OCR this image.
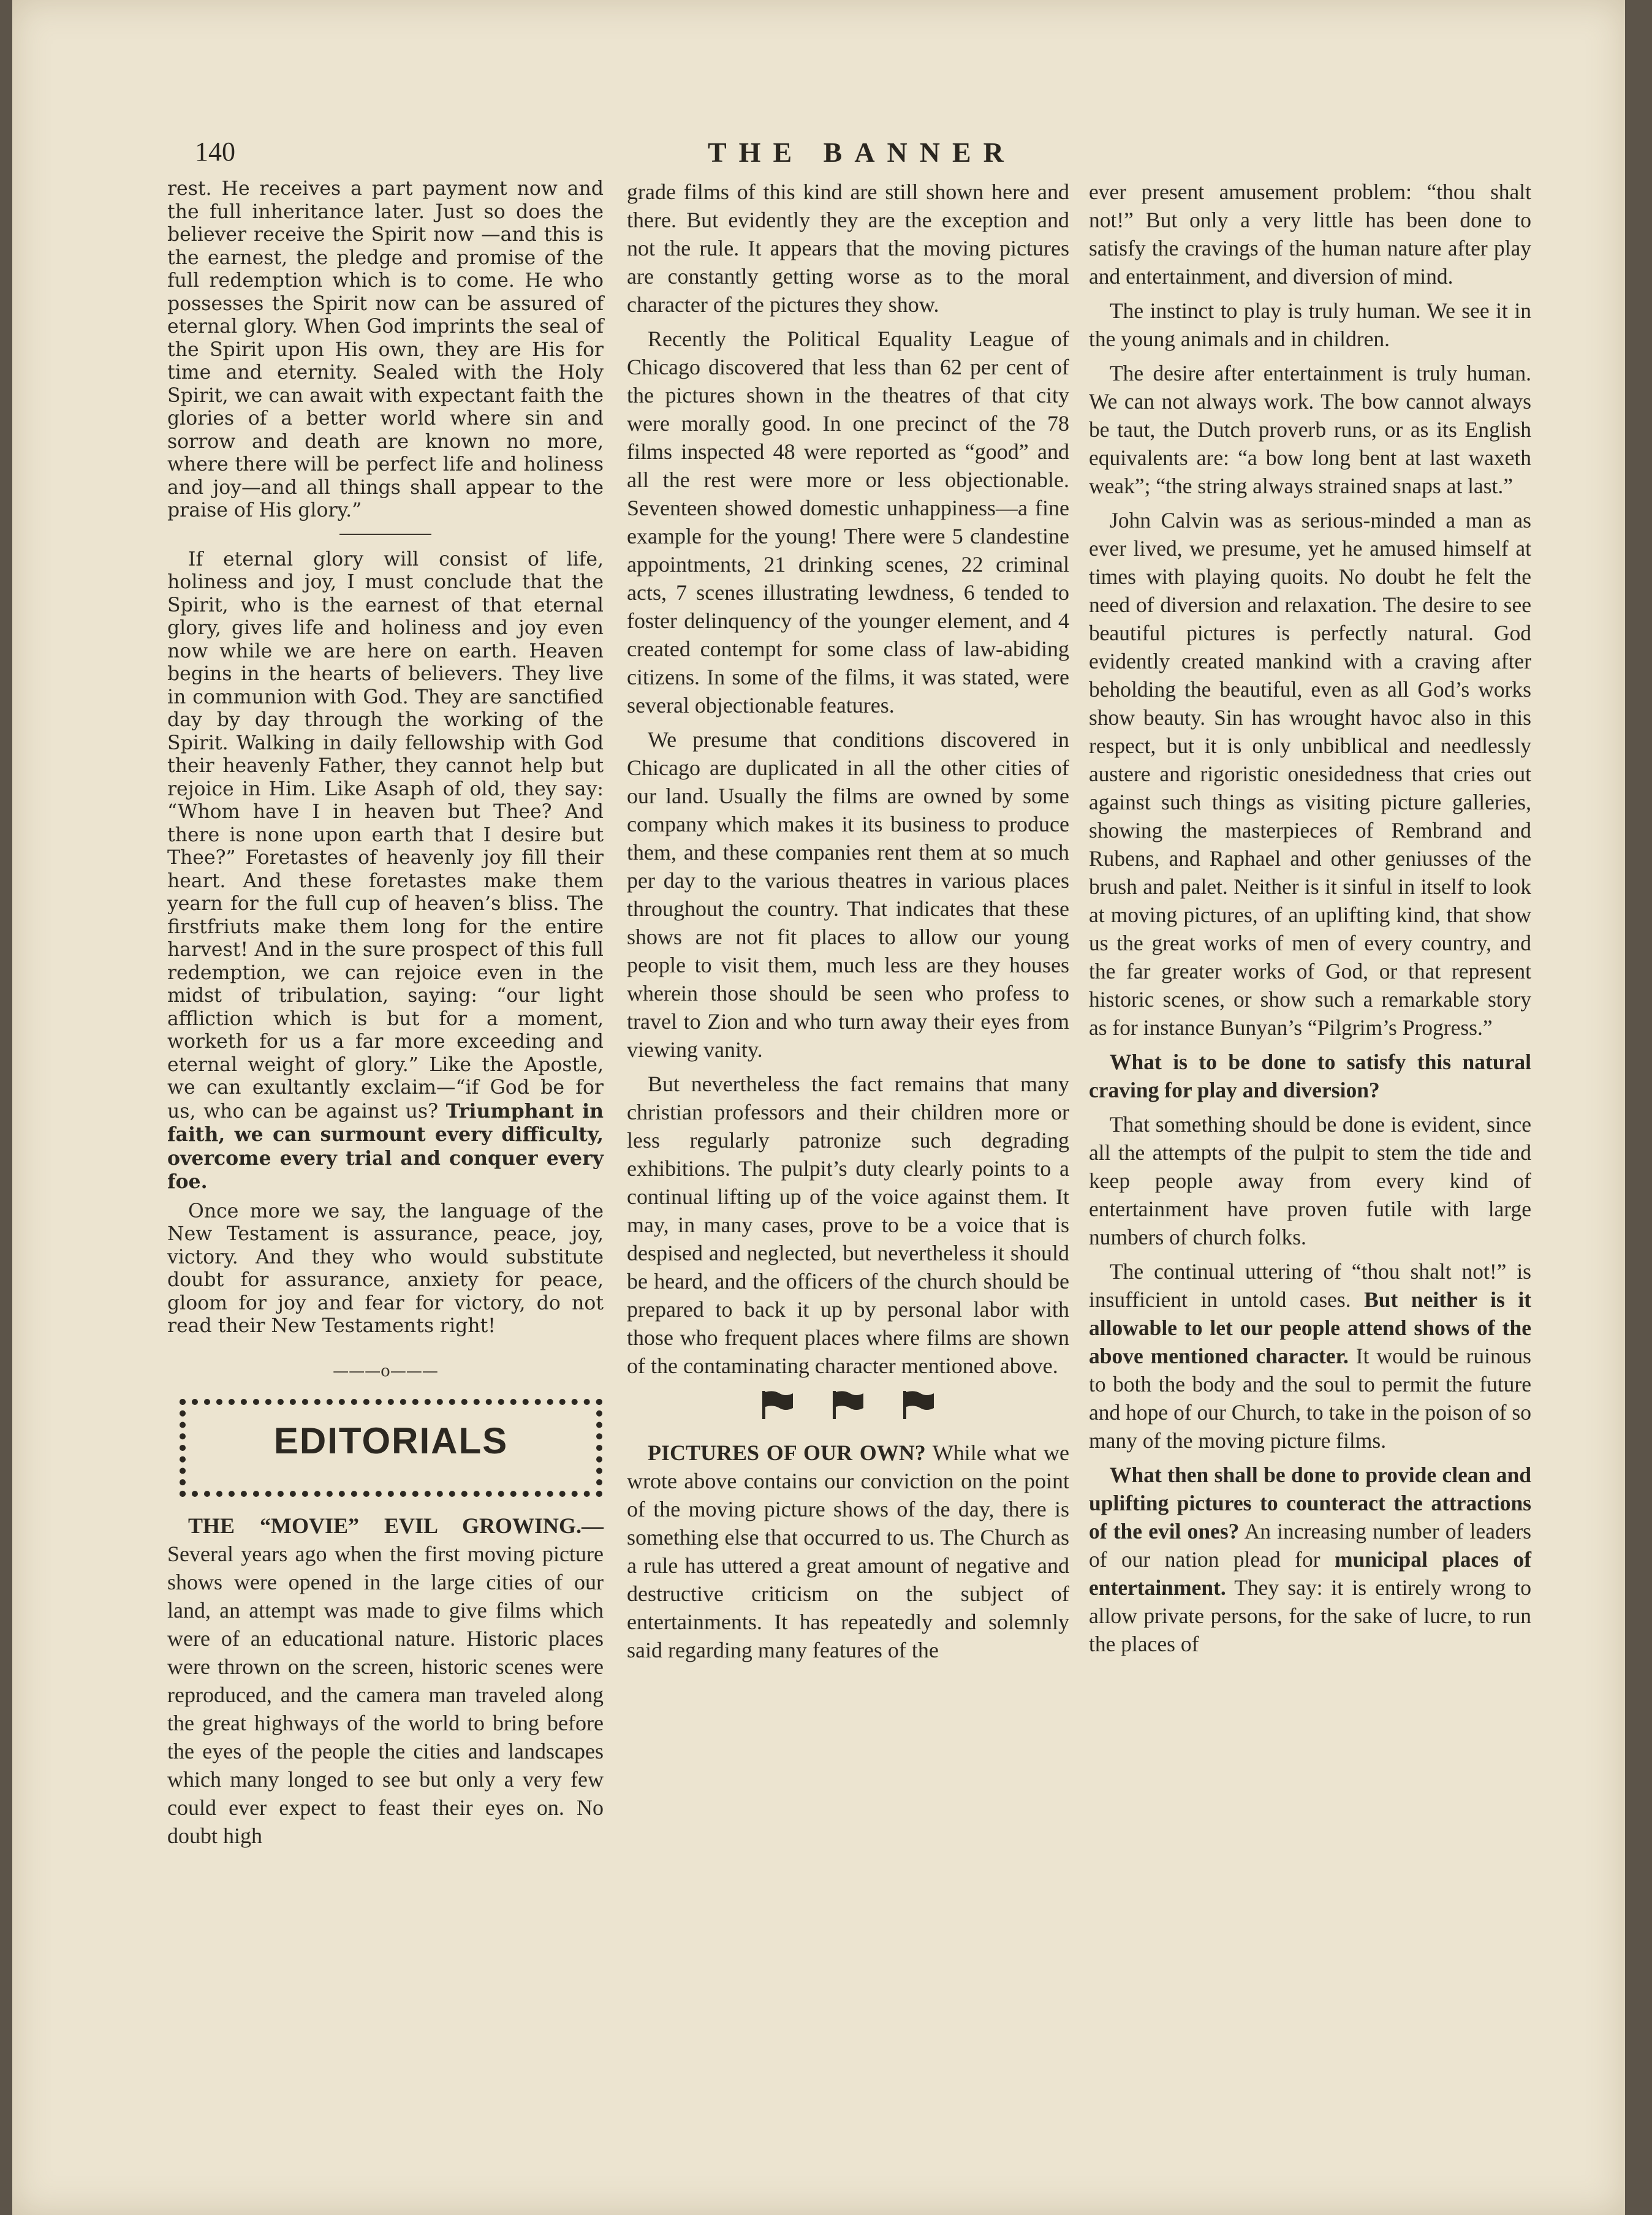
140	THE BANNER

rest. He receives a part payment now and the full inheritance later. Just so does the believer receive the Spirit now —and this is the earnest, the pledge and promise of the full redemption which is to come. He who possesses the Spirit now can be assured of eternal glory. When God imprints the seal of the Spirit upon His own, they are His for time and eternity. Sealed with the Holy Spirit, we can await with expectant faith the glories of a better world where sin and sorrow and death are known no more, where there will be perfect life and holiness and joy—and all things shall appear to the praise of His glory.”

If eternal glory will consist of life, holiness and joy, I must conclude that the Spirit, who is the earnest of that eternal glory, gives life and holiness and joy even now while we are here on earth. Heaven begins in the hearts of believers. They live in communion with God. They are sanctified day by day through the working of the Spirit. Walking in daily fellowship with God their heavenly Father, they cannot help but rejoice in Him. Like Asaph of old, they say: “Whom have I in heaven but Thee? And there is none upon earth that I desire but Thee?” Foretastes of heavenly joy fill their heart. And these foretastes make them yearn for the full cup of heaven’s bliss. The firstfriuts make them long for the entire harvest! And in the sure prospect of this full redemption, we can rejoice even in the midst of tribulation, saying: “our light affliction which is but for a moment, worketh for us a far more exceeding and eternal weight of glory.” Like the Apostle, we can exultantly exclaim—“if God be for us, who can be against us? Triumphant in faith, we can surmount every difficulty, overcome every trial and conquer every foe.

Once more we say, the language of the New Testament is assurance, peace, joy, victory. And they who would substitute doubt for assurance, anxiety for peace, gloom for joy and fear for victory, do not read their New Testaments right!

———o———
EDITORIALS

THE “MOVIE” EVIL GROWING.— Several years ago when the first moving picture shows were opened in the large cities of our land, an attempt was made to give films which were of an educational nature. Historic places were thrown on the screen, historic scenes were reproduced, and the camera man traveled along the great highways of the world to bring before the eyes of the people the cities and landscapes which many longed to see but only a very few could ever expect to feast their eyes on. No doubt high

grade films of this kind are still shown here and there. But evidently they are the exception and not the rule. It appears that the moving pictures are constantly getting worse as to the moral character of the pictures they show.

Recently the Political Equality League of Chicago discovered that less than 62 per cent of the pictures shown in the theatres of that city were morally good. In one precinct of the 78 films inspected 48 were reported as “good” and all the rest were more or less objectionable. Seventeen showed domestic unhappiness—a fine example for the young! There were 5 clandestine appointments, 21 drinking scenes, 22 criminal acts, 7 scenes illustrating lewdness, 6 tended to foster delinquency of the younger element, and 4 created contempt for some class of law-abiding citizens. In some of the films, it was stated, were several objectionable features.

We presume that conditions discovered in Chicago are duplicated in all the other cities of our land. Usually the films are owned by some company which makes it its business to produce them, and these companies rent them at so much per day to the various theatres in various places throughout the country. That indicates that these shows are not fit places to allow our young people to visit them, much less are they houses wherein those should be seen who profess to travel to Zion and who turn away their eyes from viewing vanity.

But nevertheless the fact remains that many christian professors and their children more or less regularly patronize such degrading exhibitions. The pulpit’s duty clearly points to a continual lifting up of the voice against them. It may, in many cases, prove to be a voice that is despised and neglected, but nevertheless it should be heard, and the officers of the church should be prepared to back it up by personal labor with those who frequent places where films are shown of the contaminating character mentioned above.

PICTURES OF OUR OWN? While what we wrote above contains our conviction on the point of the moving picture shows of the day, there is something else that occurred to us. The Church as a rule has uttered a great amount of negative and destructive criticism on the subject of entertainments. It has repeatedly and solemnly said regarding many features of the

ever present amusement problem: “thou shalt not!” But only a very little has been done to satisfy the cravings of the human nature after play and entertainment, and diversion of mind.

The instinct to play is truly human. We see it in the young animals and in children.

The desire after entertainment is truly human. We can not always work. The bow cannot always be taut, the Dutch proverb runs, or as its English equivalents are: “a bow long bent at last waxeth weak”; “the string always strained snaps at last.”

John Calvin was as serious-minded a man as ever lived, we presume, yet he amused himself at times with playing quoits. No doubt he felt the need of diversion and relaxation. The desire to see beautiful pictures is perfectly natural. God evidently created mankind with a craving after beholding the beautiful, even as all God’s works show beauty. Sin has wrought havoc also in this respect, but it is only unbiblical and needlessly austere and rigoristic onesidedness that cries out against such things as visiting picture galleries, showing the masterpieces of Rembrand and Rubens, and Raphael and other geniusses of the brush and palet. Neither is it sinful in itself to look at moving pictures, of an uplifting kind, that show us the great works of men of every country, and the far greater works of God, or that represent historic scenes, or show such a remarkable story as for instance Bunyan’s “Pilgrim’s Progress.”

What is to be done to satisfy this natural craving for play and diversion?

That something should be done is evident, since all the attempts of the pulpit to stem the tide and keep people away from every kind of entertainment have proven futile with large numbers of church folks.

The continual uttering of “thou shalt not!” is insufficient in untold cases. But neither is it allowable to let our people attend shows of the above mentioned character. It would be ruinous to both the body and the soul to permit the future and hope of our Church, to take in the poison of so many of the moving picture films.

What then shall be done to provide clean and uplifting pictures to counteract the attractions of the evil ones? An increasing number of leaders of our nation plead for municipal places of entertainment. They say: it is entirely wrong to allow private persons, for the sake of lucre, to run the places of
